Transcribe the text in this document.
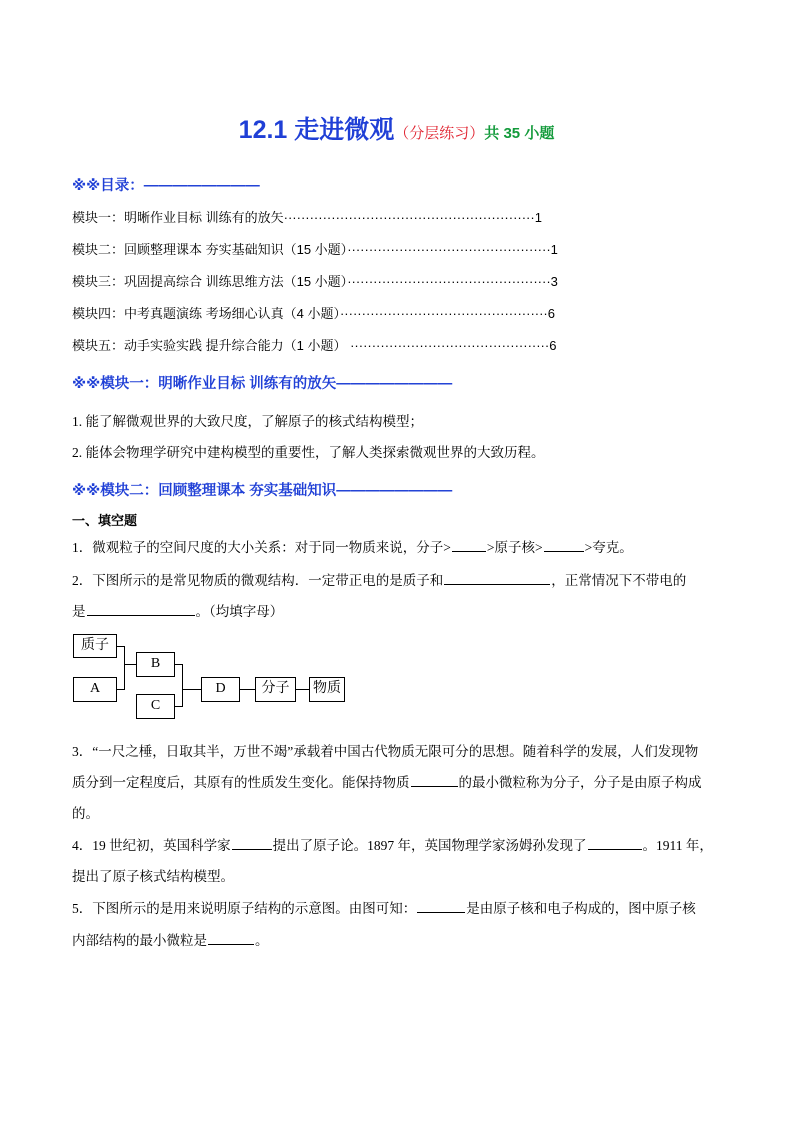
12.1 走进微观（分层练习）共 35 小题
※※目录：————————
模块一：明晰作业目标 训练有的放矢··························································1
模块二：回顾整理课本 夯实基础知识（15 小题）···············································1
模块三：巩固提高综合 训练思维方法（15 小题）···············································3
模块四：中考真题演练 考场细心认真（4 小题）················································6
模块五：动手实验实践 提升综合能力（1 小题） ··············································6
※※模块一：明晰作业目标 训练有的放矢————————
1. 能了解微观世界的大致尺度，了解原子的核式结构模型；
2. 能体会物理学研究中建构模型的重要性，了解人类探索微观世界的大致历程。
※※模块二：回顾整理课本 夯实基础知识————————
一、填空题
1．微观粒子的空间尺度的大小关系：对于同一物质来说，分子>	>原子核>	>夸克。
2．下图所示的是常见物质的微观结构．一定带正电的是质子和	，正常情况下不带电的
是	。（均填字母）
质子
A
B
C
D	分子	物质
3．“一尺之棰，日取其半，万世不竭”承载着中国古代物质无限可分的思想。随着科学的发展，人们发现物
质分到一定程度后，其原有的性质发生变化。能保持物质	的最小微粒称为分子，分子是由原子构成
的。
4．19 世纪初，英国科学家	提出了原子论。1897 年，英国物理学家汤姆孙发现了	。1911 年，
提出了原子核式结构模型。
5．下图所示的是用来说明原子结构的示意图。由图可知：	是由原子核和电子构成的，图中原子核
内部结构的最小微粒是	。
